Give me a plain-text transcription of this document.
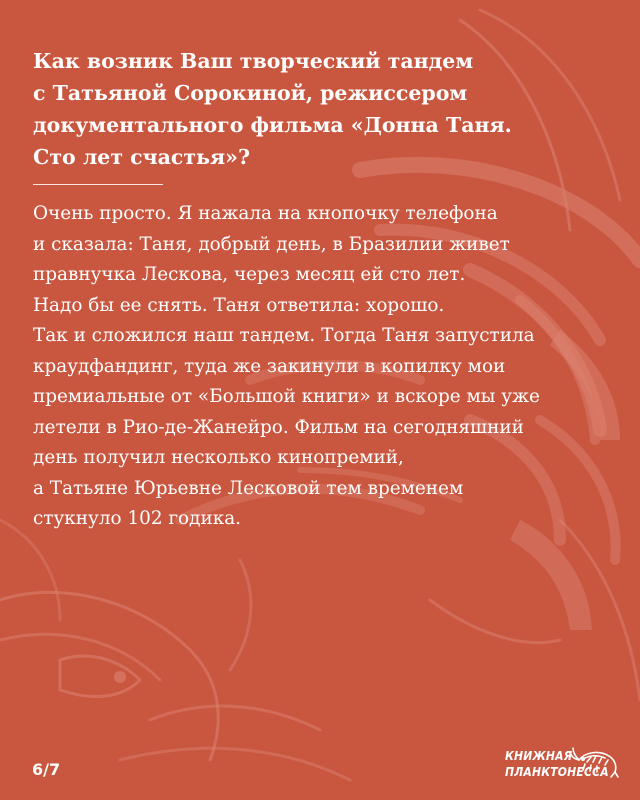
Как возник Ваш творческий тандем
с Татьяной Сорокиной, режиссером
документального фильма «Донна Таня.
Сто лет счастья»?
Очень просто. Я нажала на кнопочку телефона
и сказала: Таня, добрый день, в Бразилии живет
правнучка Лескова, через месяц ей сто лет.
Надо бы ее снять. Таня ответила: хорошо.
Так и сложился наш тандем. Тогда Таня запустила
краудфандинг, туда же закинули в копилку мои
премиальные от «Большой книги» и вскоре мы уже
летели в Рио-де-Жанейро. Фильм на сегодняшний
день получил несколько кинопремий,
а Татьяне Юрьевне Лесковой тем временем
стукнуло 102 годика.
6/7
КНИЖНАЯ
ПЛАНКТОНЕССА
